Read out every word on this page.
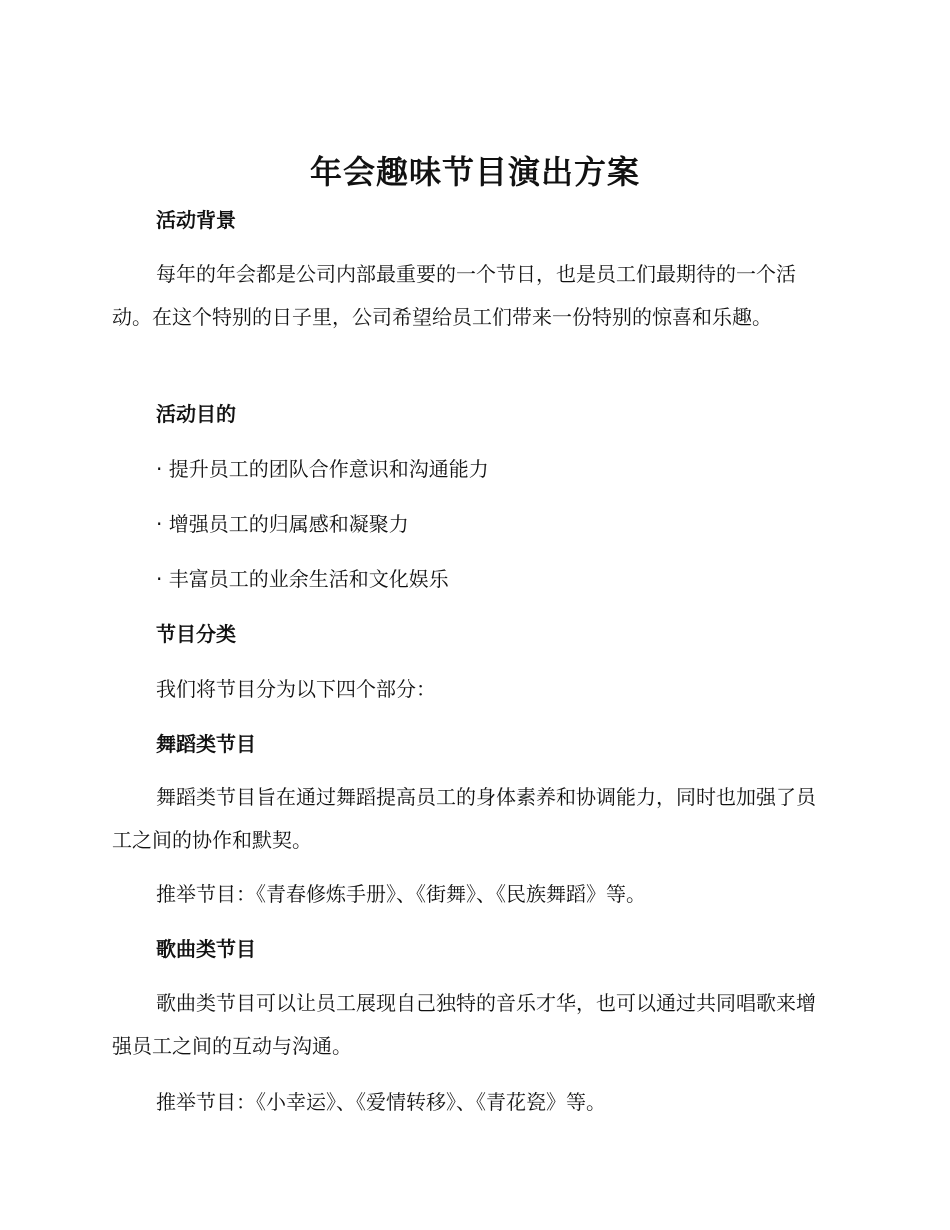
年会趣味节目演出方案
活动背景
每年的年会都是公司内部最重要的一个节日，也是员工们最期待的一个活动。在这个特别的日子里，公司希望给员工们带来一份特别的惊喜和乐趣。
活动目的
· 提升员工的团队合作意识和沟通能力
· 增强员工的归属感和凝聚力
· 丰富员工的业余生活和文化娱乐
节目分类
我们将节目分为以下四个部分：
舞蹈类节目
舞蹈类节目旨在通过舞蹈提高员工的身体素养和协调能力，同时也加强了员工之间的协作和默契。
推举节目：《青春修炼手册》、《街舞》、《民族舞蹈》等。
歌曲类节目
歌曲类节目可以让员工展现自己独特的音乐才华，也可以通过共同唱歌来增强员工之间的互动与沟通。
推举节目：《小幸运》、《爱情转移》、《青花瓷》等。
